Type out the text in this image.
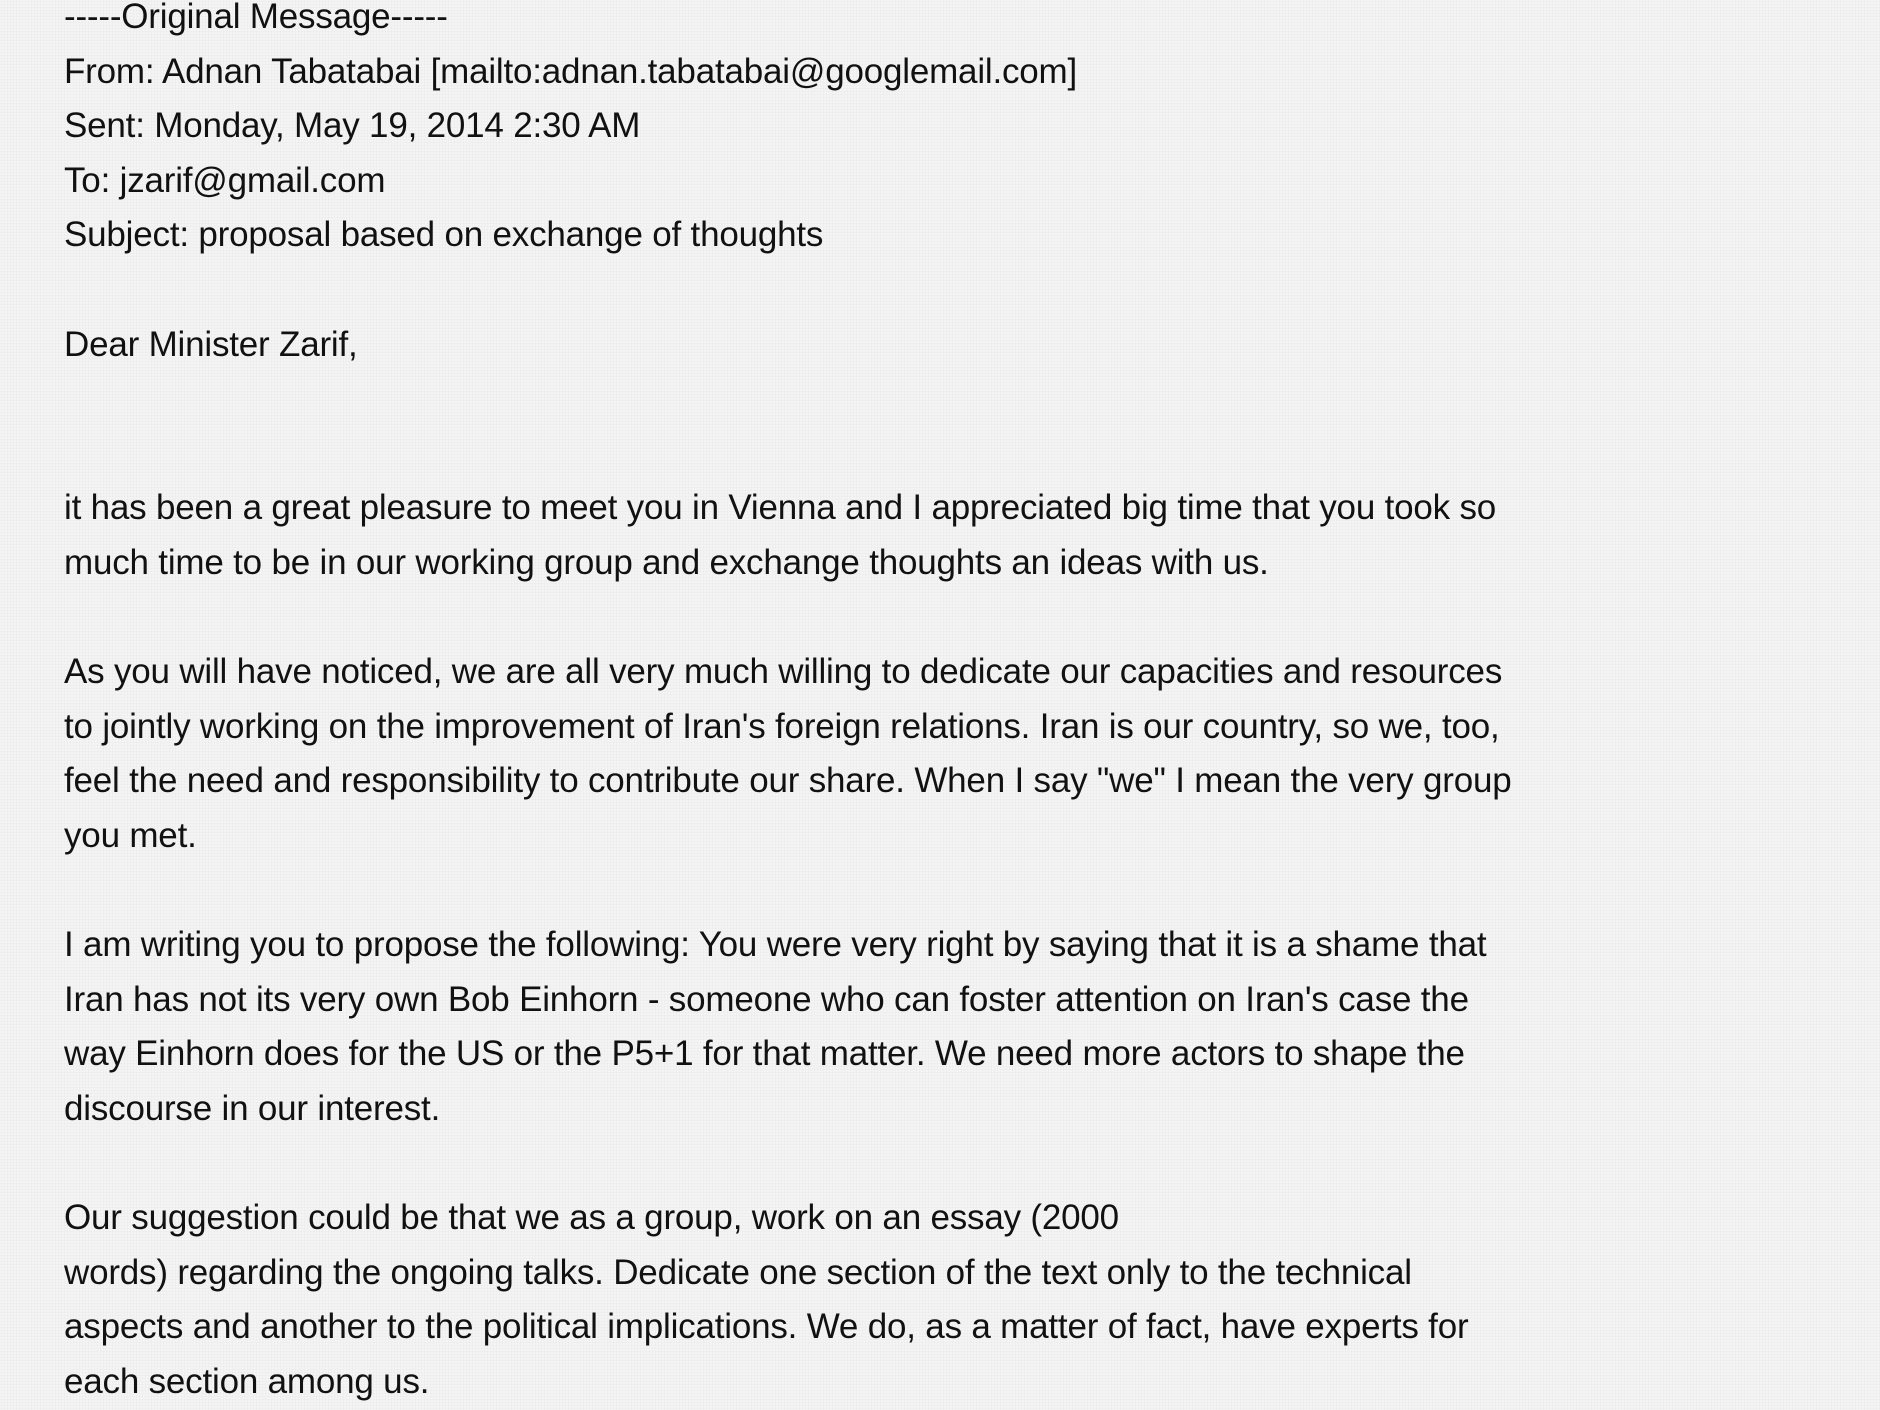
-----Original Message-----
From: Adnan Tabatabai [mailto:adnan.tabatabai@googlemail.com]
Sent: Monday, May 19, 2014 2:30 AM
To: jzarif@gmail.com
Subject: proposal based on exchange of thoughts
Dear Minister Zarif,
it has been a great pleasure to meet you in Vienna and I appreciated big time that you took so
much time to be in our working group and exchange thoughts an ideas with us.
As you will have noticed, we are all very much willing to dedicate our capacities and resources
to jointly working on the improvement of Iran's foreign relations. Iran is our country, so we, too,
feel the need and responsibility to contribute our share. When I say "we" I mean the very group
you met.
I am writing you to propose the following: You were very right by saying that it is a shame that
Iran has not its very own Bob Einhorn - someone who can foster attention on Iran's case the
way Einhorn does for the US or the P5+1 for that matter. We need more actors to shape the
discourse in our interest.
Our suggestion could be that we as a group, work on an essay (2000
words) regarding the ongoing talks. Dedicate one section of the text only to the technical
aspects and another to the political implications. We do, as a matter of fact, have experts for
each section among us.
